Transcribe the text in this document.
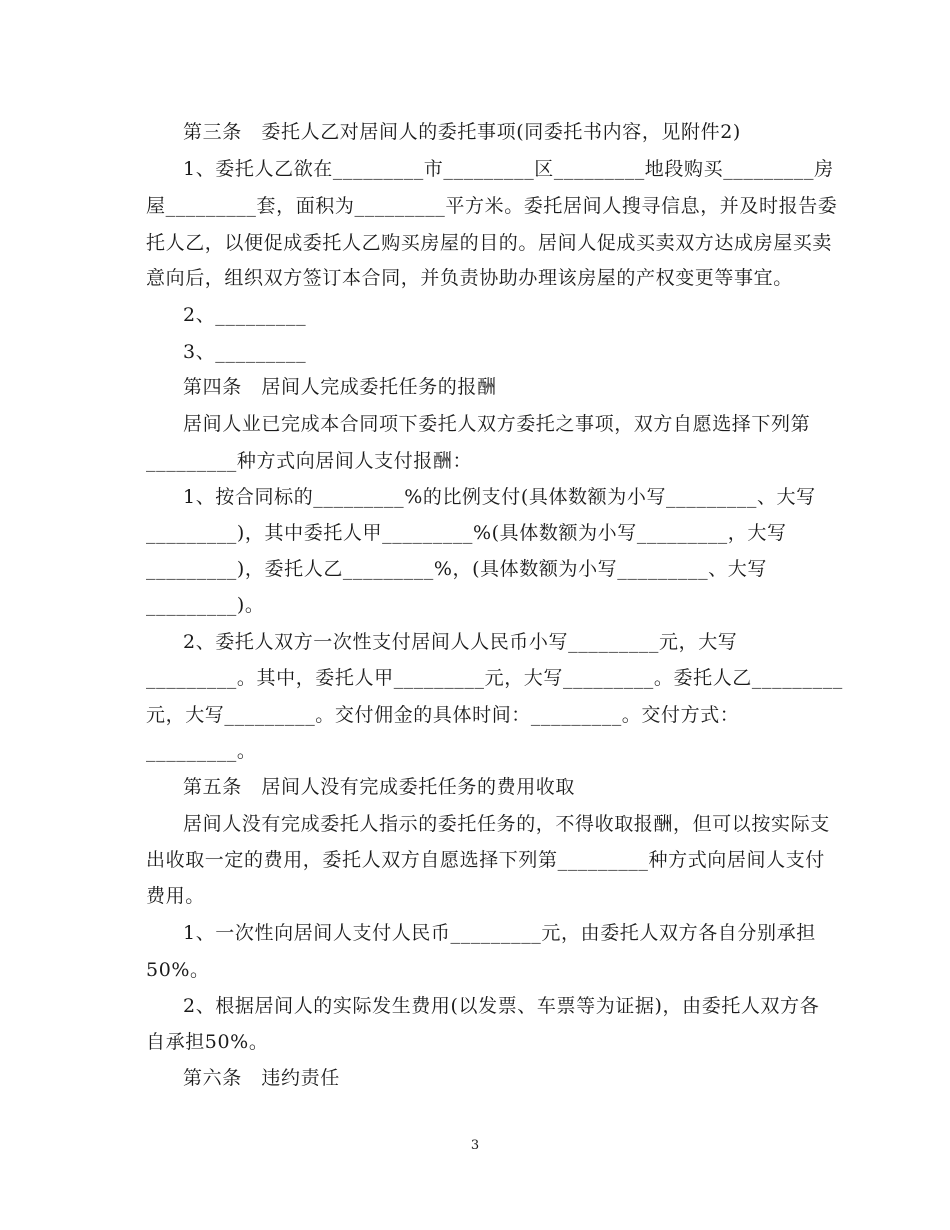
第三条　委托人乙对居间人的委托事项(同委托书内容，见附件2)
1、委托人乙欲在_________市_________区_________地段购买_________房
屋_________套，面积为_________平方米。委托居间人搜寻信息，并及时报告委
托人乙，以便促成委托人乙购买房屋的目的。居间人促成买卖双方达成房屋买卖
意向后，组织双方签订本合同，并负责协助办理该房屋的产权变更等事宜。
2、_________
3、_________
第四条　居间人完成委托任务的报酬
居间人业已完成本合同项下委托人双方委托之事项，双方自愿选择下列第
_________种方式向居间人支付报酬：
1、按合同标的_________%的比例支付(具体数额为小写_________、大写
_________)，其中委托人甲_________%(具体数额为小写_________，大写
_________)，委托人乙_________%，(具体数额为小写_________、大写
_________)。
2、委托人双方一次性支付居间人人民币小写_________元，大写
_________。其中，委托人甲_________元，大写_________。委托人乙_________
元，大写_________。交付佣金的具体时间：_________。交付方式：
_________。
第五条　居间人没有完成委托任务的费用收取
居间人没有完成委托人指示的委托任务的，不得收取报酬，但可以按实际支
出收取一定的费用，委托人双方自愿选择下列第_________种方式向居间人支付
费用。
1、一次性向居间人支付人民币_________元，由委托人双方各自分别承担
50%。
2、根据居间人的实际发生费用(以发票、车票等为证据)，由委托人双方各
自承担50%。
第六条　违约责任
3
